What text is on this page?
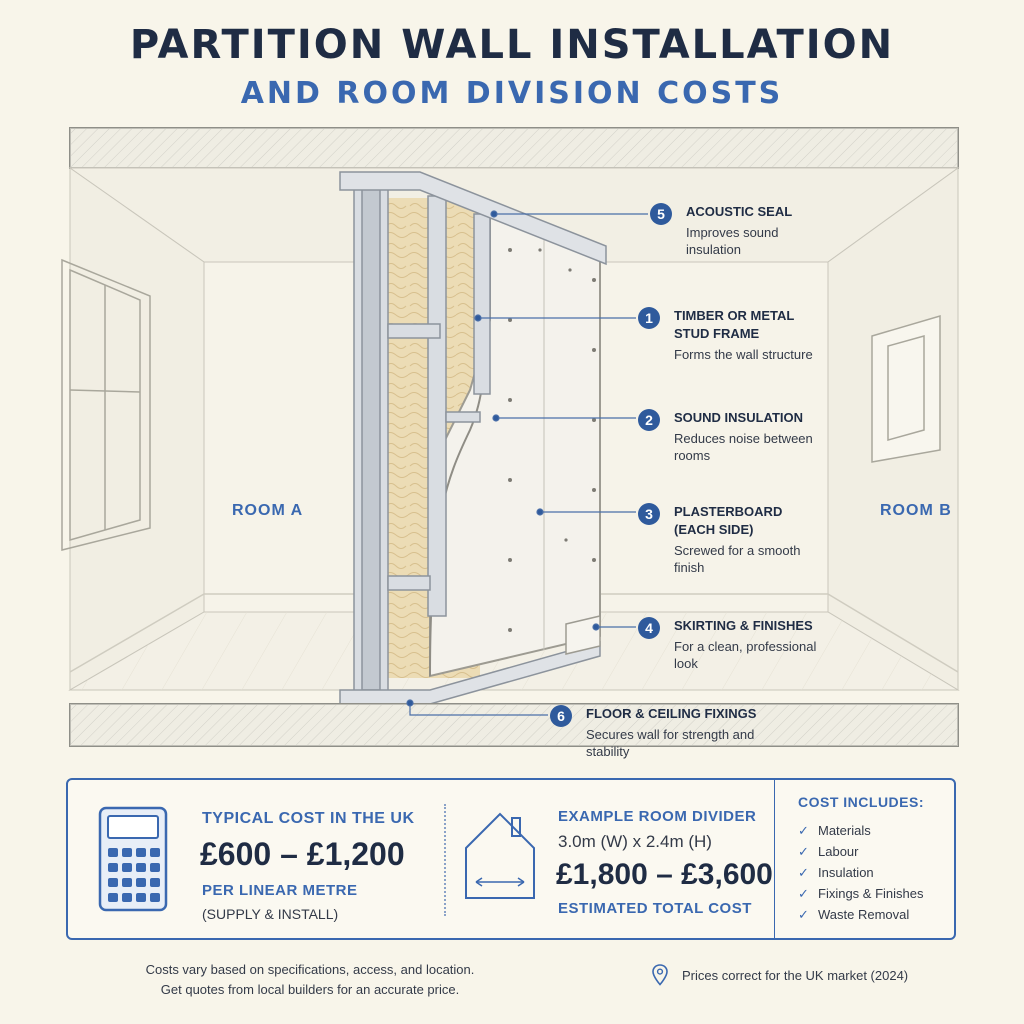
PARTITION WALL INSTALLATION
AND ROOM DIVISION COSTS
ROOM A	ROOM B
5	ACOUSTIC SEAL
Improves sound insulation
1	TIMBER OR METAL STUD FRAME
Forms the wall structure
2	SOUND INSULATION
Reduces noise between rooms
3	PLASTERBOARD (EACH SIDE)
Screwed for a smooth finish
4	SKIRTING & FINISHES
For a clean, professional look
6	FLOOR & CEILING FIXINGS
Secures wall for strength and stability
TYPICAL COST IN THE UK
£600 – £1,200
PER LINEAR METRE
(SUPPLY & INSTALL)
EXAMPLE ROOM DIVIDER
3.0m (W) x 2.4m (H)
£1,800 – £3,600
ESTIMATED TOTAL COST
COST INCLUDES:
✓ Materials
✓ Labour
✓ Insulation
✓ Fixings & Finishes
✓ Waste Removal
Costs vary based on specifications, access, and location.
Get quotes from local builders for an accurate price.
Prices correct for the UK market (2024)
